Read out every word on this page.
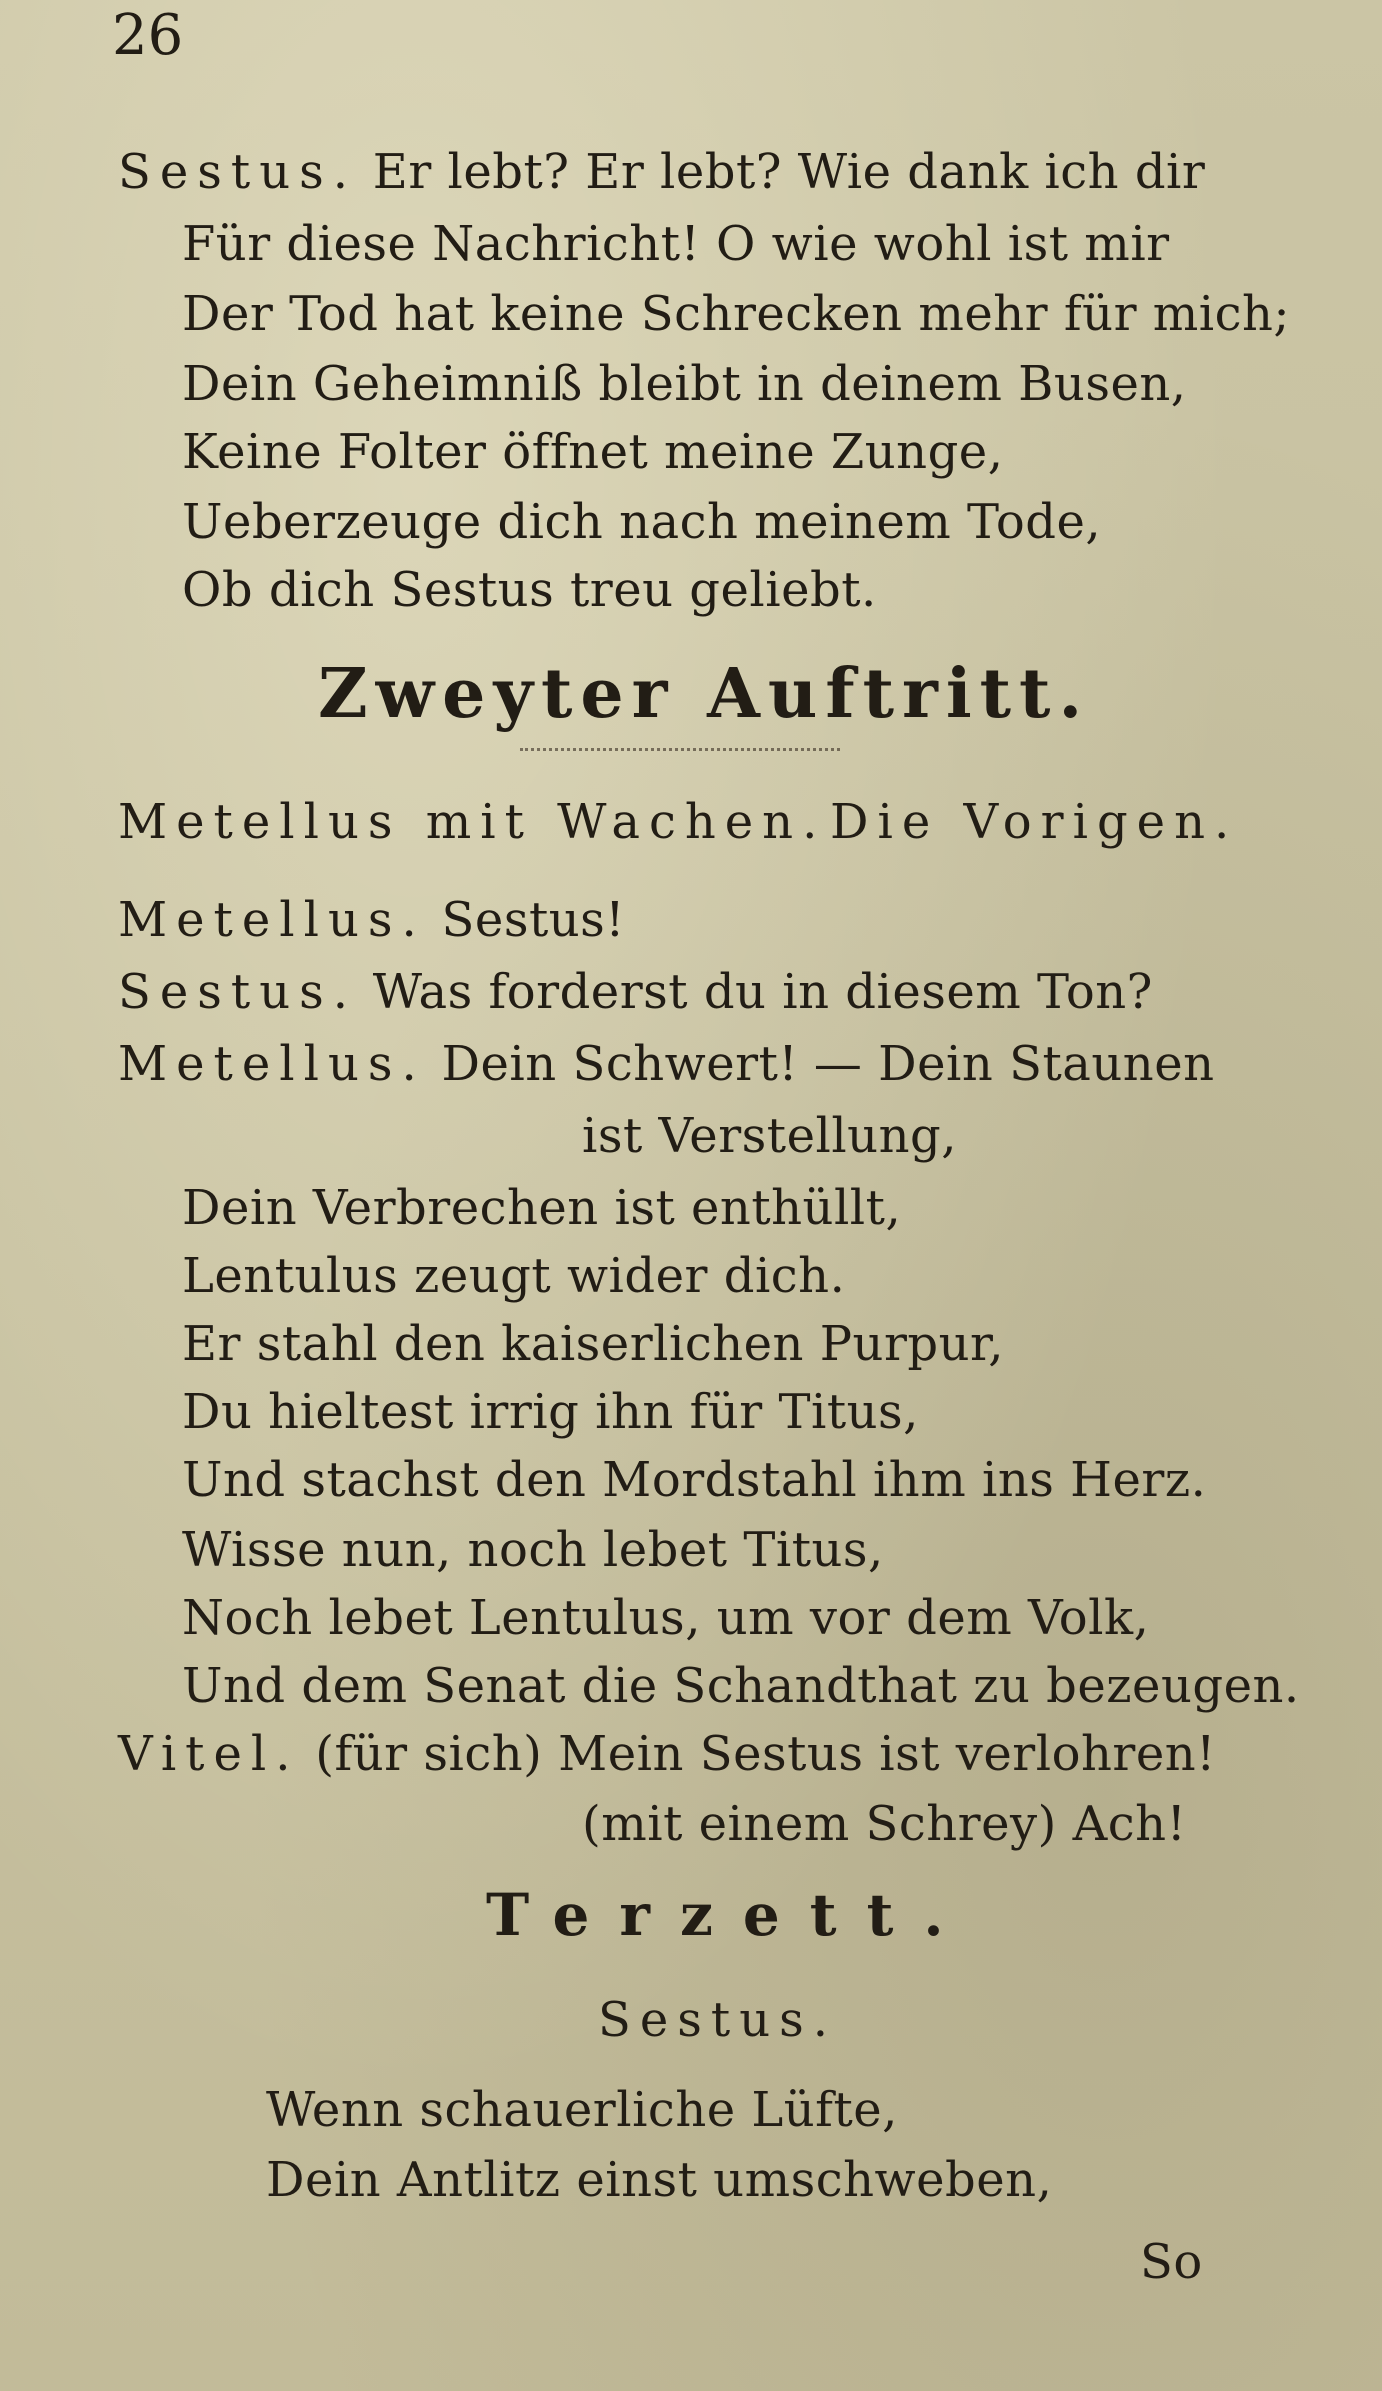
26
Sestus. Er lebt? Er lebt? Wie dank ich dir
Für diese Nachricht! O wie wohl ist mir
Der Tod hat keine Schrecken mehr für mich;
Dein Geheimniß bleibt in deinem Busen,
Keine Folter öffnet meine Zunge,
Ueberzeuge dich nach meinem Tode,
Ob dich Sestus treu geliebt.
Zweyter Auftritt.
Metellus mit Wachen. Die Vorigen.
Metellus. Sestus!
Sestus. Was forderst du in diesem Ton?
Metellus. Dein Schwert! — Dein Staunen
ist Verstellung,
Dein Verbrechen ist enthüllt,
Lentulus zeugt wider dich.
Er stahl den kaiserlichen Purpur,
Du hieltest irrig ihn für Titus,
Und stachst den Mordstahl ihm ins Herz.
Wisse nun, noch lebet Titus,
Noch lebet Lentulus, um vor dem Volk,
Und dem Senat die Schandthat zu bezeugen.
Vitel. (für sich) Mein Sestus ist verlohren!
(mit einem Schrey) Ach!
Terzett.
Sestus.
Wenn schauerliche Lüfte,
Dein Antlitz einst umschweben,
So
